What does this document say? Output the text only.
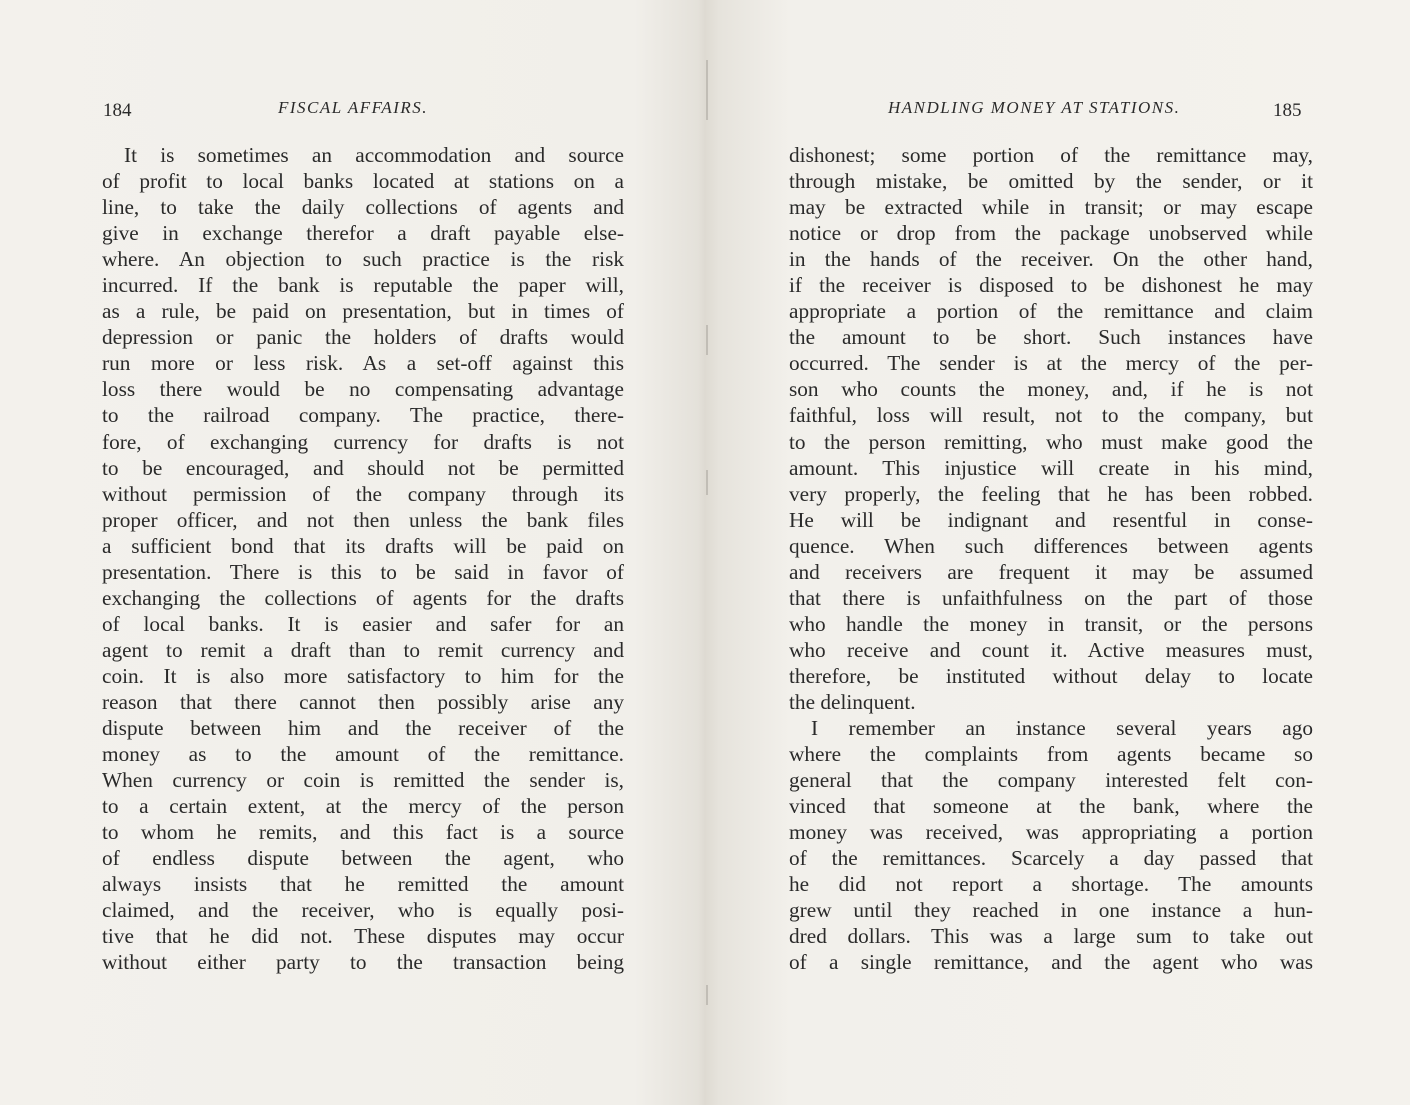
184	FISCAL AFFAIRS.
It is sometimes an accommodation and source
of profit to local banks located at stations on a
line, to take the daily collections of agents and
give in exchange therefor a draft payable else-
where. An objection to such practice is the risk
incurred. If the bank is reputable the paper will,
as a rule, be paid on presentation, but in times of
depression or panic the holders of drafts would
run more or less risk. As a set-off against this
loss there would be no compensating advantage
to the railroad company. The practice, there-
fore, of exchanging currency for drafts is not
to be encouraged, and should not be permitted
without permission of the company through its
proper officer, and not then unless the bank files
a sufficient bond that its drafts will be paid on
presentation. There is this to be said in favor of
exchanging the collections of agents for the drafts
of local banks. It is easier and safer for an
agent to remit a draft than to remit currency and
coin. It is also more satisfactory to him for the
reason that there cannot then possibly arise any
dispute between him and the receiver of the
money as to the amount of the remittance.
When currency or coin is remitted the sender is,
to a certain extent, at the mercy of the person
to whom he remits, and this fact is a source
of endless dispute between the agent, who
always insists that he remitted the amount
claimed, and the receiver, who is equally posi-
tive that he did not. These disputes may occur
without either party to the transaction being
HANDLING MONEY AT STATIONS.	185
dishonest; some portion of the remittance may,
through mistake, be omitted by the sender, or it
may be extracted while in transit; or may escape
notice or drop from the package unobserved while
in the hands of the receiver. On the other hand,
if the receiver is disposed to be dishonest he may
appropriate a portion of the remittance and claim
the amount to be short. Such instances have
occurred. The sender is at the mercy of the per-
son who counts the money, and, if he is not
faithful, loss will result, not to the company, but
to the person remitting, who must make good the
amount. This injustice will create in his mind,
very properly, the feeling that he has been robbed.
He will be indignant and resentful in conse-
quence. When such differences between agents
and receivers are frequent it may be assumed
that there is unfaithfulness on the part of those
who handle the money in transit, or the persons
who receive and count it. Active measures must,
therefore, be instituted without delay to locate
the delinquent.
I remember an instance several years ago
where the complaints from agents became so
general that the company interested felt con-
vinced that someone at the bank, where the
money was received, was appropriating a portion
of the remittances. Scarcely a day passed that
he did not report a shortage. The amounts
grew until they reached in one instance a hun-
dred dollars. This was a large sum to take out
of a single remittance, and the agent who was
